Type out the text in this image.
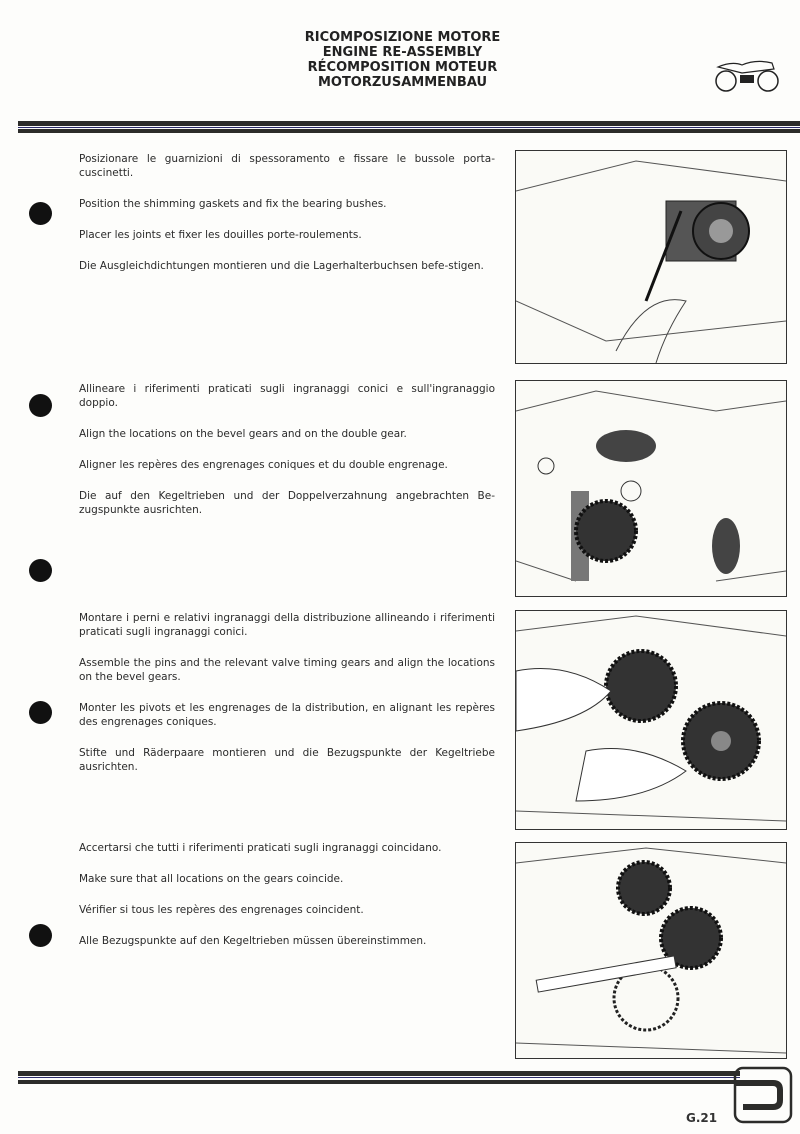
RICOMPOSIZIONE MOTORE
ENGINE RE-ASSEMBLY
RÉCOMPOSITION MOTEUR
MOTORZUSAMMENBAU

Posizionare le guarnizioni di spessoramento e fissare le bussole porta-cuscinetti.

Position the shimming gaskets and fix the bearing bushes.

Placer les joints et fixer les douilles porte-roulements.

Die Ausgleichdichtungen montieren und die Lagerhalterbuchsen befe-stigen.

Allineare i riferimenti praticati sugli ingranaggi conici e sull'ingranaggio doppio.

Align the locations on the bevel gears and on the double gear.

Aligner les repères des engrenages coniques et du double engrenage.

Die auf den Kegeltrieben und der Doppelverzahnung angebrachten Be-zugspunkte ausrichten.

Montare i perni e relativi ingranaggi della distribuzione allineando i riferimenti praticati sugli ingranaggi conici.

Assemble the pins and the relevant valve timing gears and align the locations on the bevel gears.

Monter les pivots et les engrenages de la distribution, en alignant les repères des engrenages coniques.

Stifte und Räderpaare montieren und die Bezugspunkte der Kegeltriebe ausrichten.

Accertarsi che tutti i riferimenti praticati sugli ingranaggi coincidano.

Make sure that all locations on the gears coincide.

Vérifier si tous les repères des engrenages coincident.

Alle Bezugspunkte auf den Kegeltrieben müssen übereinstimmen.

G.21
